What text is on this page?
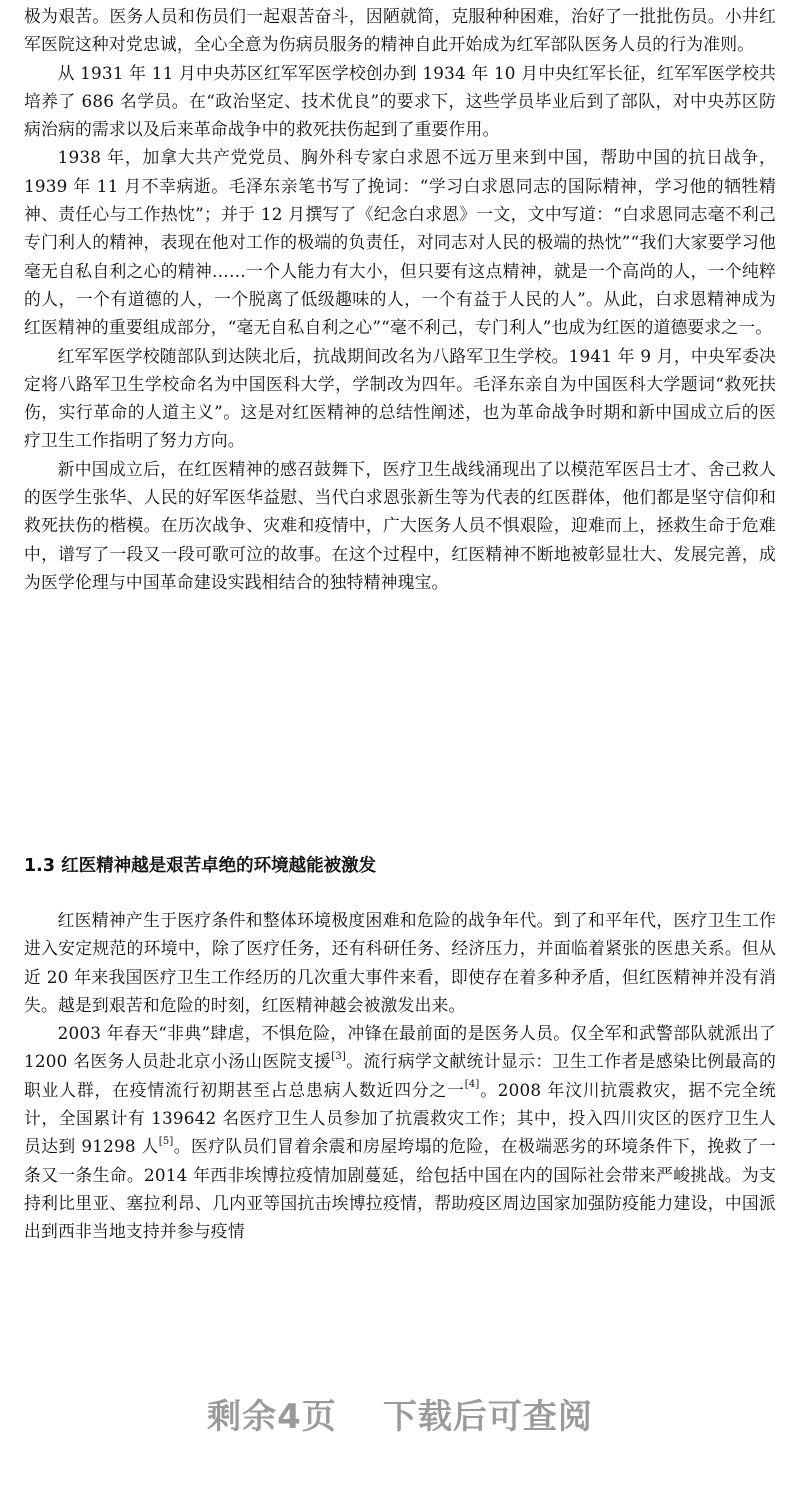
极为艰苦。医务人员和伤员们一起艰苦奋斗，因陋就简，克服种种困难，治好了一批批伤员。小井红军医院这种对党忠诚，全心全意为伤病员服务的精神自此开始成为红军部队医务人员的行为准则。

从 1931 年 11 月中央苏区红军军医学校创办到 1934 年 10 月中央红军长征，红军军医学校共培养了 686 名学员。在“政治坚定、技术优良”的要求下，这些学员毕业后到了部队，对中央苏区防病治病的需求以及后来革命战争中的救死扶伤起到了重要作用。

1938 年，加拿大共产党党员、胸外科专家白求恩不远万里来到中国，帮助中国的抗日战争，1939 年 11 月不幸病逝。毛泽东亲笔书写了挽词：“学习白求恩同志的国际精神，学习他的牺牲精神、责任心与工作热忱”；并于 12 月撰写了《纪念白求恩》一文，文中写道：“白求恩同志毫不利己专门利人的精神，表现在他对工作的极端的负责任，对同志对人民的极端的热忱”“我们大家要学习他毫无自私自利之心的精神……一个人能力有大小，但只要有这点精神，就是一个高尚的人，一个纯粹的人，一个有道德的人，一个脱离了低级趣味的人，一个有益于人民的人”。从此，白求恩精神成为红医精神的重要组成部分，“毫无自私自利之心”“毫不利己，专门利人”也成为红医的道德要求之一。

红军军医学校随部队到达陕北后，抗战期间改名为八路军卫生学校。1941 年 9 月，中央军委决定将八路军卫生学校命名为中国医科大学，学制改为四年。毛泽东亲自为中国医科大学题词“救死扶伤，实行革命的人道主义”。这是对红医精神的总结性阐述，也为革命战争时期和新中国成立后的医疗卫生工作指明了努力方向。

新中国成立后，在红医精神的感召鼓舞下，医疗卫生战线涌现出了以模范军医吕士才、舍己救人的医学生张华、人民的好军医华益慰、当代白求恩张新生等为代表的红医群体，他们都是坚守信仰和救死扶伤的楷模。在历次战争、灾难和疫情中，广大医务人员不惧艰险，迎难而上，拯救生命于危难中，谱写了一段又一段可歌可泣的故事。在这个过程中，红医精神不断地被彰显壮大、发展完善，成为医学伦理与中国革命建设实践相结合的独特精神瑰宝。

1.3 红医精神越是艰苦卓绝的环境越能被激发

红医精神产生于医疗条件和整体环境极度困难和危险的战争年代。到了和平年代，医疗卫生工作进入安定规范的环境中，除了医疗任务，还有科研任务、经济压力，并面临着紧张的医患关系。但从近 20 年来我国医疗卫生工作经历的几次重大事件来看，即使存在着多种矛盾，但红医精神并没有消失。越是到艰苦和危险的时刻，红医精神越会被激发出来。

2003 年春天“非典”肆虐，不惧危险，冲锋在最前面的是医务人员。仅全军和武警部队就派出了 1200 名医务人员赴北京小汤山医院支援[3]。流行病学文献统计显示：卫生工作者是感染比例最高的职业人群，在疫情流行初期甚至占总患病人数近四分之一[4]。2008 年汶川抗震救灾，据不完全统计，全国累计有 139642 名医疗卫生人员参加了抗震救灾工作；其中，投入四川灾区的医疗卫生人员达到 91298 人[5]。医疗队员们冒着余震和房屋垮塌的危险，在极端恶劣的环境条件下，挽救了一条又一条生命。2014 年西非埃博拉疫情加剧蔓延，给包括中国在内的国际社会带来严峻挑战。为支持利比里亚、塞拉利昂、几内亚等国抗击埃博拉疫情，帮助疫区周边国家加强防疫能力建设，中国派出到西非当地支持并参与疫情

剩余4页 下载后可查阅
